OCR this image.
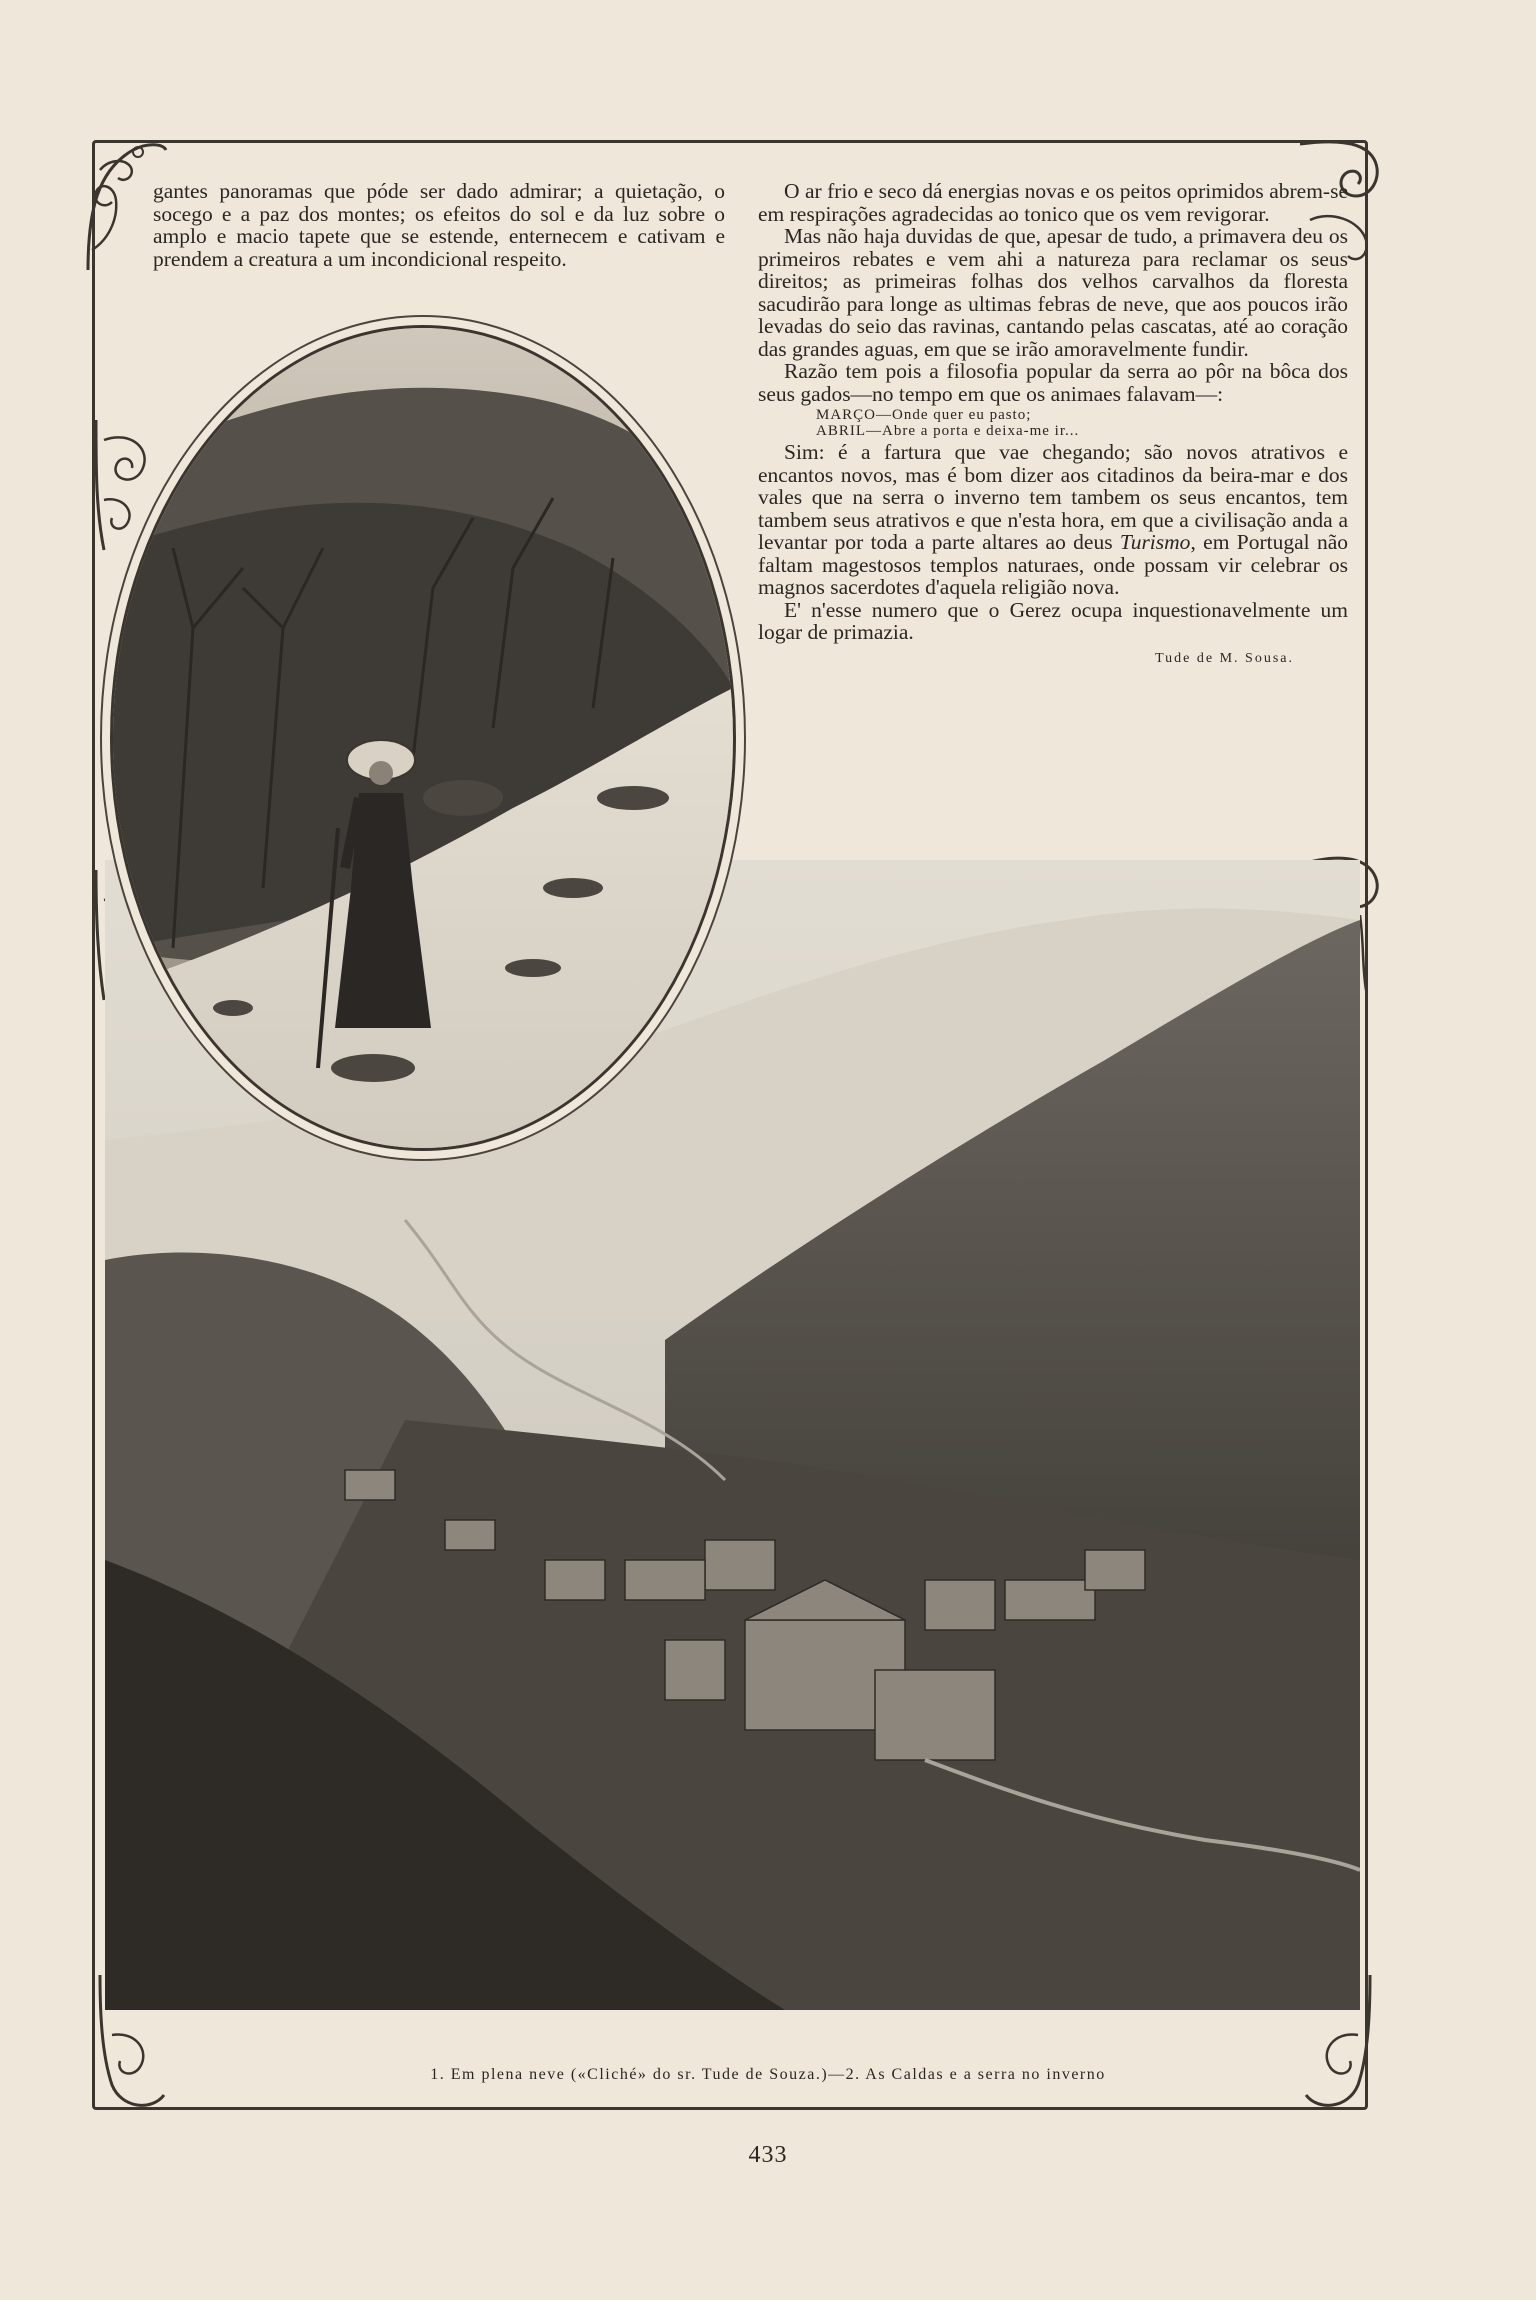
gantes panoramas que póde ser dado admirar; a quietação, o socego e a paz dos montes; os efeitos do sol e da luz sobre o amplo e macio tapete que se estende, enternecem e cativam e prendem a creatura a um incondicional respeito.

O ar frio e seco dá energias novas e os peitos oprimidos abrem-se em respirações agradecidas ao tonico que os vem revigorar.

Mas não haja duvidas de que, apesar de tudo, a primavera deu os primeiros rebates e vem ahi a natureza para reclamar os seus direitos; as primeiras folhas dos velhos carvalhos da floresta sacudirão para longe as ultimas febras de neve, que aos poucos irão levadas do seio das ravinas, cantando pelas cascatas, até ao coração das grandes aguas, em que se irão amoravelmente fundir.

Razão tem pois a filosofia popular da serra ao pôr na bôca dos seus gados—no tempo em que os animaes falavam—:

MARÇO—Onde quer eu pasto;
ABRIL—Abre a porta e deixa-me ir...

Sim: é a fartura que vae chegando; são novos atrativos e encantos novos, mas é bom dizer aos citadinos da beira-mar e dos vales que na serra o inverno tem tambem os seus encantos, tem tambem seus atrativos e que n'esta hora, em que a civilisação anda a levantar por toda a parte altares ao deus Turismo, em Portugal não faltam magestosos templos naturaes, onde possam vir celebrar os magnos sacerdotes d'aquela religião nova.

E' n'esse numero que o Gerez ocupa inquestionavelmente um logar de primazia.

Tude de M. Sousa.
1. Em plena neve («Cliché» do sr. Tude de Souza.)—2. As Caldas e a serra no inverno
433
